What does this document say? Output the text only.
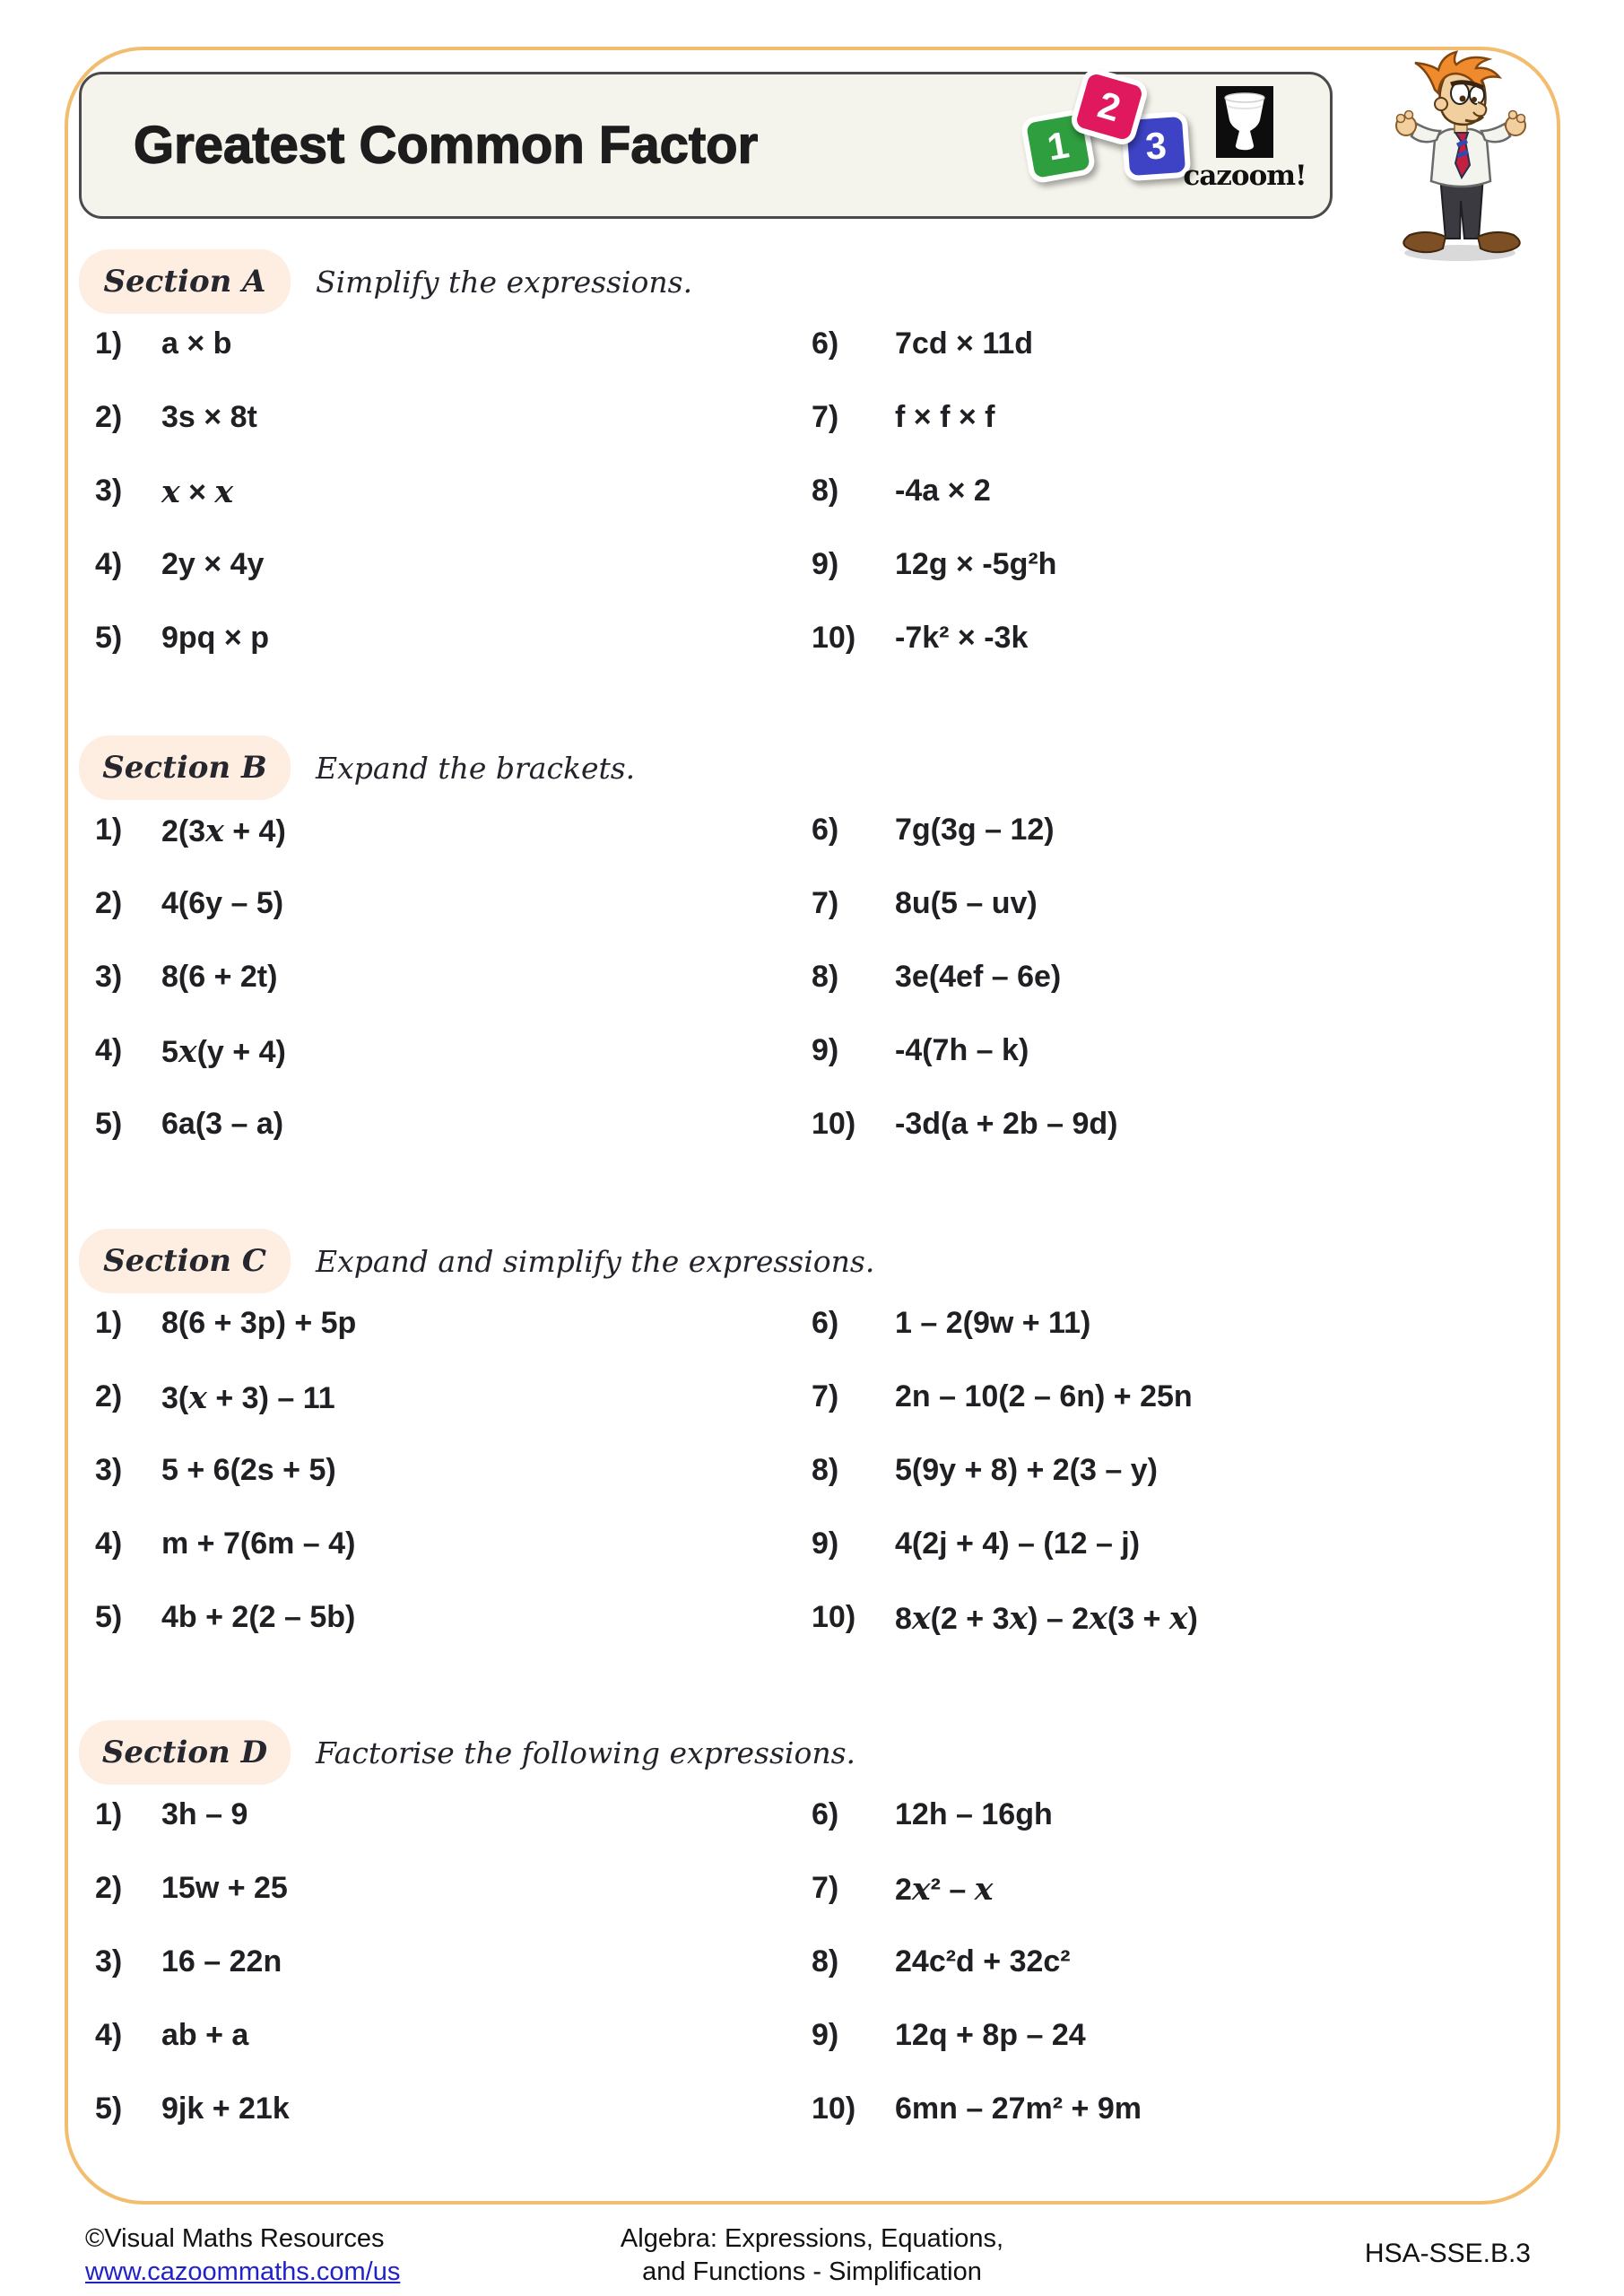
Greatest Common Factor	1
2
3
cazoom!
Section A Simplify the expressions.
1) a × b
2) 3s × 8t
3) x × x
4) 2y × 4y
5) 9pq × p
6) 7cd × 11d
7) f × f × f
8) -4a × 2
9) 12g × -5g²h
10) -7k² × -3k
Section B Expand the brackets.
1) 2(3x + 4)
2) 4(6y – 5)
3) 8(6 + 2t)
4) 5x(y + 4)
5) 6a(3 – a)
6) 7g(3g – 12)
7) 8u(5 – uv)
8) 3e(4ef – 6e)
9) -4(7h – k)
10) -3d(a + 2b – 9d)
Section C Expand and simplify the expressions.
1) 8(6 + 3p) + 5p
2) 3(x + 3) – 11
3) 5 + 6(2s + 5)
4) m + 7(6m – 4)
5) 4b + 2(2 – 5b)
6) 1 – 2(9w + 11)
7) 2n – 10(2 – 6n) + 25n
8) 5(9y + 8) + 2(3 – y)
9) 4(2j + 4) – (12 – j)
10) 8x(2 + 3x) – 2x(3 + x)
Section D Factorise the following expressions.
1) 3h – 9
2) 15w + 25
3) 16 – 22n
4) ab + a
5) 9jk + 21k
6) 12h – 16gh
7) 2x² – x
8) 24c²d + 32c²
9) 12q + 8p – 24
10) 6mn – 27m² + 9m
©Visual Maths Resources
www.cazoommaths.com/us
Algebra: Expressions, Equations,
and Functions - Simplification
HSA-SSE.B.3
